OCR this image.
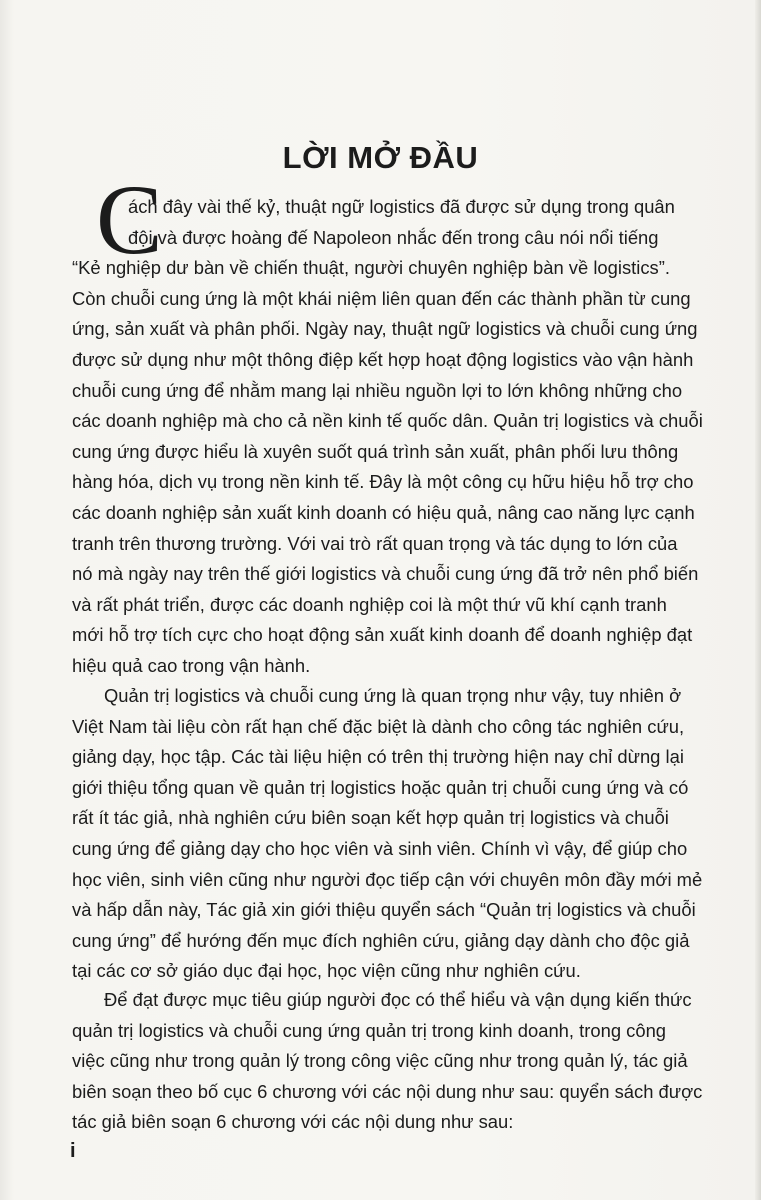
LỜI MỞ ĐẦU
C
ách đây vài thế kỷ, thuật ngữ logistics đã được sử dụng trong quân
đội và được hoàng đế Napoleon nhắc đến trong câu nói nổi tiếng
“Kẻ nghiệp dư bàn về chiến thuật, người chuyên nghiệp bàn về logistics”.
Còn chuỗi cung ứng là một khái niệm liên quan đến các thành phần từ cung
ứng, sản xuất và phân phối. Ngày nay, thuật ngữ logistics và chuỗi cung ứng
được sử dụng như một thông điệp kết hợp hoạt động logistics vào vận hành
chuỗi cung ứng để nhằm mang lại nhiều nguồn lợi to lớn không những cho
các doanh nghiệp mà cho cả nền kinh tế quốc dân. Quản trị logistics và chuỗi
cung ứng được hiểu là xuyên suốt quá trình sản xuất, phân phối lưu thông
hàng hóa, dịch vụ trong nền kinh tế. Đây là một công cụ hữu hiệu hỗ trợ cho
các doanh nghiệp sản xuất kinh doanh có hiệu quả, nâng cao năng lực cạnh
tranh trên thương trường. Với vai trò rất quan trọng và tác dụng to lớn của
nó mà ngày nay trên thế giới logistics và chuỗi cung ứng đã trở nên phổ biến
và rất phát triển, được các doanh nghiệp coi là một thứ vũ khí cạnh tranh
mới hỗ trợ tích cực cho hoạt động sản xuất kinh doanh để doanh nghiệp đạt
hiệu quả cao trong vận hành.
Quản trị logistics và chuỗi cung ứng là quan trọng như vậy, tuy nhiên ở
Việt Nam tài liệu còn rất hạn chế đặc biệt là dành cho công tác nghiên cứu,
giảng dạy, học tập. Các tài liệu hiện có trên thị trường hiện nay chỉ dừng lại
giới thiệu tổng quan về quản trị logistics hoặc quản trị chuỗi cung ứng và có
rất ít tác giả, nhà nghiên cứu biên soạn kết hợp quản trị logistics và chuỗi
cung ứng để giảng dạy cho học viên và sinh viên. Chính vì vậy, để giúp cho
học viên, sinh viên cũng như người đọc tiếp cận với chuyên môn đầy mới mẻ
và hấp dẫn này, Tác giả xin giới thiệu quyển sách “Quản trị logistics và chuỗi
cung ứng” để hướng đến mục đích nghiên cứu, giảng dạy dành cho độc giả
tại các cơ sở giáo dục đại học, học viện cũng như nghiên cứu.
Để đạt được mục tiêu giúp người đọc có thể hiểu và vận dụng kiến thức
quản trị logistics và chuỗi cung ứng quản trị trong kinh doanh, trong công
việc cũng như trong quản lý trong công việc cũng như trong quản lý, tác giả
biên soạn theo bố cục 6 chương với các nội dung như sau: quyển sách được
tác giả biên soạn 6 chương với các nội dung như sau:
i
